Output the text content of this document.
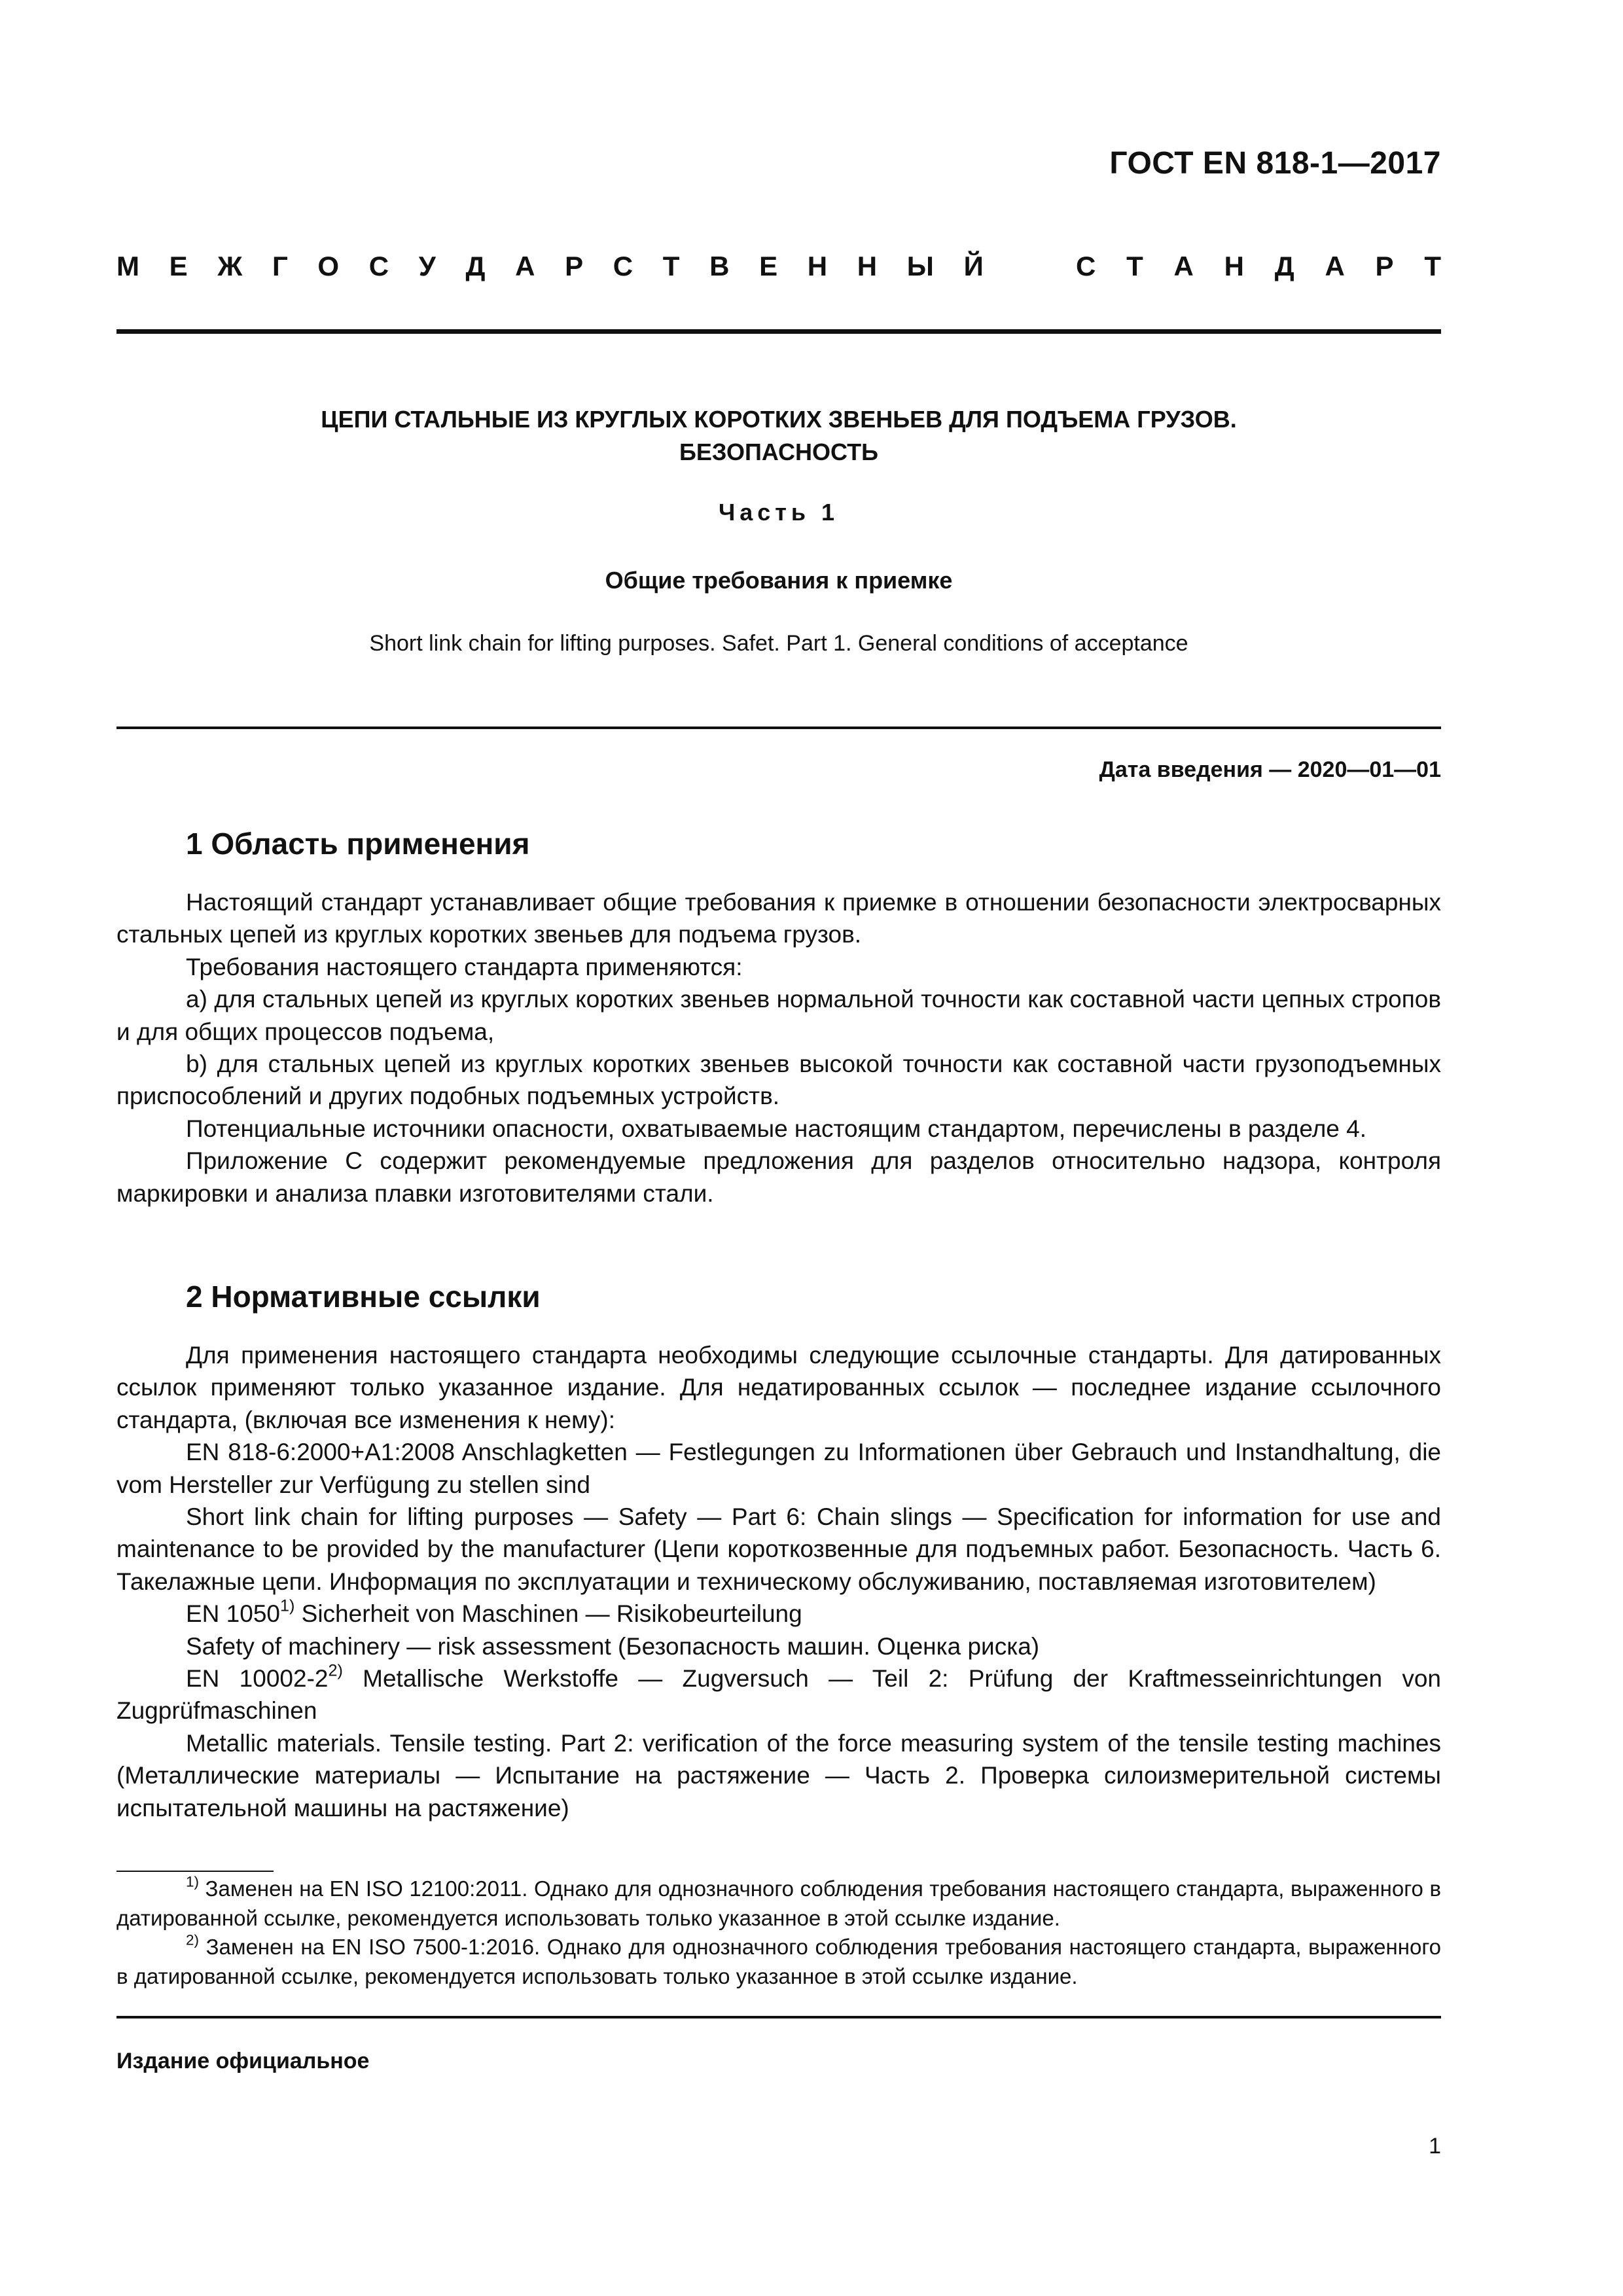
ГОСТ EN 818-1—2017
М Е Ж Г О С У Д А Р С Т В Е Н Н Ы Й	С Т А Н Д А Р Т
ЦЕПИ СТАЛЬНЫЕ ИЗ КРУГЛЫХ КОРОТКИХ ЗВЕНЬЕВ ДЛЯ ПОДЪЕМА ГРУЗОВ.
БЕЗОПАСНОСТЬ
Часть 1
Общие требования к приемке
Short link chain for lifting purposes. Safet. Part 1. General conditions of acceptance
Дата введения — 2020—01—01
1 Область применения

Настоящий стандарт устанавливает общие требования к приемке в отношении безопасности электросварных стальных цепей из круглых коротких звеньев для подъема грузов.

Требования настоящего стандарта применяются:

a) для стальных цепей из круглых коротких звеньев нормальной точности как составной части цепных стропов и для общих процессов подъема,

b) для стальных цепей из круглых коротких звеньев высокой точности как составной части грузоподъемных приспособлений и других подобных подъемных устройств.

Потенциальные источники опасности, охватываемые настоящим стандартом, перечислены в разделе 4.

Приложение С содержит рекомендуемые предложения для разделов относительно надзора, контроля маркировки и анализа плавки изготовителями стали.

2 Нормативные ссылки

Для применения настоящего стандарта необходимы следующие ссылочные стандарты. Для датированных ссылок применяют только указанное издание. Для недатированных ссылок — последнее издание ссылочного стандарта, (включая все изменения к нему):

EN 818-6:2000+A1:2008 Anschlagketten — Festlegungen zu Informationen über Gebrauch und Instandhaltung, die vom Hersteller zur Verfügung zu stellen sind

Short link chain for lifting purposes — Safety — Part 6: Chain slings — Specification for information for use and maintenance to be provided by the manufacturer (Цепи короткозвенные для подъемных работ. Безопасность. Часть 6. Такелажные цепи. Информация по эксплуатации и техническому обслуживанию, поставляемая изготовителем)

EN 1050$^{1)}$ Sicherheit von Maschinen — Risikobeurteilung

Safety of machinery — risk assessment (Безопасность машин. Оценка риска)

EN 10002-2$^{2)}$ Metallische Werkstoffe — Zugversuch — Teil 2: Prüfung der Kraftmesseinrichtungen von Zugprüfmaschinen

Metallic materials. Tensile testing. Part 2: verification of the force measuring system of the tensile testing machines (Металлические материалы — Испытание на растяжение — Часть 2. Проверка силоизмерительной системы испытательной машины на растяжение)

$^{1)}$ Заменен на EN ISO 12100:2011. Однако для однозначного соблюдения требования настоящего стандарта, выраженного в датированной ссылке, рекомендуется использовать только указанное в этой ссылке издание.

$^{2)}$ Заменен на EN ISO 7500-1:2016. Однако для однозначного соблюдения требования настоящего стандарта, выраженного в датированной ссылке, рекомендуется использовать только указанное в этой ссылке издание.

Издание официальное
1
